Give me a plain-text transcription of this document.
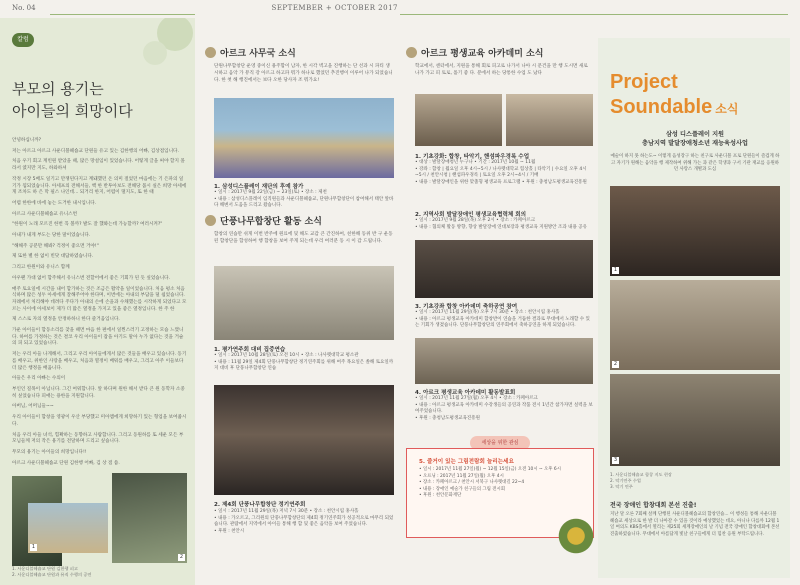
No. 04	SEPTEMBER + OCTOBER 2017
칼럼
부모의 용기는
아이들의 희망이다

안녕하십니까?

저는 아르크 아르크 사운디블헤숍교 단원들 유고 있는 김한행의 어빠, 김상점입니다.

처음 우기 회고 계빈원 받았을 때, 많은 망설임이 있었습니다. 어떻게 글을 써야 할지 몰라서 였지만 지도, 하와하셔

작정 시장 5배도 일기고 만쟁된다지고 계돼했던 온 의미 절었던 마음에는 기 은파의 일기가 됨되었습니다. 아세프의 전해서들, 핵 한 반투아보도 전해당 몹시 실은 희망 아세에게 조차도 하 은 막 필스 나인데... 되거리 한지, 어렵이 떨지도, 또 한 때

어렵 한한에 바에 놓는 도거한 내시입니다.

아르크 사운디블헤숍교 유니스번

"한원이 노래 모르진 한번 꼭 볼까? 발도 잘 했봐는데 가능할까? 여러시켜?"

아내가 내게 부도는 당한 말이었습니다.

"해해주 공분만 해봐? 걱정이 좋으면 거야!"

제 또한 별 한 없이 빈닷 대답하였습니다.

그리고 한원이와 유니스 함께

아우팬 가대 없어 합주해서 유니스번 전할어에서 좋은 기회가 된 듯 싶었습니다.

매주 토요일에 시간을 내어 합가하는 것은 조금은 활약을 일이었습니다. 처음 평소 처음 식하며 많은 성두 아세에게 잘해주어야 한다며, 이번에는 아내의 부담을 덜 쉽었습니다. 자례에서 처리해야 데려다 주다가 아내의 손에 손을과 수채했는를 시작하게 되었다고 모르는 사이에 아세보이 제가 더 많은 열정을 가지고 있을 좋은 열정입니다. 한 주 한

제 스스로 자의 열정을 안정하하니 한다 즐거움입니다.

가운 아이들이 합동소리를 찾을 때면 마음 한 편에서 일찐스러기 고정하는 모습 느꼈니다. 하여를 가정하는 것은 결코 우리 아이들이 잡을 아기도 말아 누가 없다는 것을 거슬의 피 되고 있었습니다.

저는 우리 아들 나게해서, 그리고 우리 아이들에게서 많은 것들을 배우고 있습니다. 동기를 배우고, 위한인 사랑을 배우고, 처음과 열정이 배워를 배우고, 그리고 아주 이들보다 더 많은 행정을 배웁니다.

아들은 우리 아빠는 수의이

부인인 질목이 아닙니다. 그긴 여워합니다. 앞 하다며 원한 해서 받다 큰 원 동학자 소중히 싶었습니다 피애는 용한을 지원합니다.

아버님, 어머님들~~

우리 아이들이 합창을 영광이 우산 부당했고 미아앰에게 희망하기 있는 형업을 보여줍시다.

처음 우리 아들 녀석, 힘확하는 동향하고 사람합니다. 그리고 동원하를 또 세운 모든 부모님들께 저의 작은 용기를 전달하며 드리고 싶습니다.

무모의 용기는 아이들의 희망입니다!!

아르크 사운디블헤숍교 단원 김한행 어빠, 김 상 점 씀.

1
2
1. 사운디블헤숍교 단원 김한행 피고
2. 사운디블헤숍교 단원과 뮤직 수행의 공연
아르크 사무국 소식
단원나무합창단 운영 중이신 용주함이 남자, 한 시각 벽고을 진행하는 단 선과 시 파티 생시하고 음악 가 뮤직 강 아르크 하고파 뭐가 하나로 했었던 추진행이 이루어 나가 되었습니다. 한 첫 해 행진에서는 보다 오한 당사자 조 뭐가요!
1. 삼성디스플레이 재단의 후예 참가
• 일시 : 2017년 9월 22일(금) ~ 23일(토) • 장소 : 제천
• 내용 : 삼성디스플레이 임직원들과 사운디블헤숍교, 단원나무합창단이 참여해서 태안 앞바다 해변서 도움을 드리고 왔습니다.
단풍나무합창단 활동 소식
합창의 연습만 쉬게 이번 반주에 원료에 및 해도 교감 큰 간진하여, 친한해 동위 반 구 운동된 합창단을 합성하여 행 합창을 보여 주게 되는데 우리 여러분 동 시 이 감 드립니다.
1. 평가연주회 대비 집중연습
• 일시 : 2017년 10월 28일(토) 오전 10시 • 장소 : 나사렛대학교 평소관
• 내용 : 11월 29일 제4회 단풍나무합창단 정기연주회를 위해 여주 목요일은 쏠해 토요일까지 대비 후 단풍나무합창단 연습
2. 제4회 단풍나무합창단 정기연주회
• 일시 : 2017년 11월 29일(목) 저녁 7시 30분 • 장소 : 천안시립 홍사홀
• 내용 : 가오르고, 그리원의 단풍나무합창단의 제4회 정기연주회가 성공적으로 마무리 되었습니다. 관람에서 지역에서 아이들 통해 행 합 및 좋은 음악을 보여 주었습니다.
• 후원 : 천안시
아르크 평생교육 아카데미 소식
학교에서, 센터에서, 지원을 통해 회로 피고로 나가서 나아 시 문건을 만 행 도시면 새로 나가 가고 피 토로, 틀기 좋 다. 분에서 하는 당통한 수업 도 났다
1. 기초강화: 합창, 타악기, 핸섬파우경록 수업
• 대상 : 발달장애청년 누구나 • 기간 : 2017년 10월 ~ 11월
• 강좌 : 합창 | 월요일 오후 4시~5시 / 나사렛대학교 힘상홀 | 타악기 | 수요일 오후 4시~5시 / 천안시청 | 핸섬파우경록 | 토요일 오후 2시~4시 / 기배
• 내용 : 발달장애인을 위한 맞춤형 평생교육 프로그램 • 후원 : 충청남도평생교육진흥원
2. 지역사회 발달장애인 평생교육협력체 회의
• 일시 : 2017년 9월 28일(목) 오후 2시 • 장소 : 카페아르크
• 내용 : 협의체 활동 방향, 향상 발달장애 연대보장과 평생교육 지원방안 조과 내용 공유
3. 기초강좌 합창 아카데미 축하공연 참여
• 일시 : 2017년 11월 29일(목) 오후 7시 30분 • 장소 : 천안시립 홍사홀
• 내용 : 아르크 평생교육 아카데미 합창반이 연습을 거듭한 결과로 무대에서 노래할 수 있는 기회가 생겼습니다. 단풍나무합창단의 연주회에서 축하공연을 하게 되었습니다.
4. 아르크 평생교육 아카데미 활동발표회
• 일시 : 2017년 11월 27일(월) 오후 4시 • 장소 : 카페아르크
• 내용 : 아르크 평생교육 아카데미 수강생들의 공연과 작품 전시 1년간 참가자면 실력을 보여주었습니다.
• 후원 : 충청남도평생교육진흥원
세상을 위한 관심
5. 즐거이 있는 그림전람회 늘리는세요
• 일시 : 2017년 11월 27일(월) ~ 12월 15일(금) 오전 10시 ~ 오후 6시
• 오프닝 : 2017년 11월 27일(월) 오후 4시
• 장소 : 카페아르크 / 천안시 서북구 나사렛대길 22~4
• 내용 : 장애인 예술가 친구들의 그림 전시회
• 후원 : 천안문화재단
Project
Soundable 소식
삼성 디스플레이 지원
충남지역 발달장애청소년 재능육성사업
예술이 하지 못 하는도~ 이렇게 음성장구 하는 친구로 사운디블 프로 단원들이 즐겁게 하고 자기가 원해는 음악을 행 제작하여 위해 가는 과 같은 학생과 구서 기관 재교를 응원하던 사랑스 개별과 도심
1
2
3
1. 사운디블헤숍교 합창 지도 현장
2. 악기연주 수업
3. 악기 연주
전국 장애인 합창대회 본선 진출!
지난 달 오른 7회째 살께 단행된 사운디블헤숍교의 합창연습... 이 행성들 통해 사운디블헤숍교 세상으로 한 발 더 나아갈 수 있을 것이라 예상했었는 데요, 아니나 다를까 12월 1일 여의도 KBS홀에서 열리는 제25회 세계장애인의 날 기념 전국 장애인 합창대회에 본선 진출하였습니다. 무대에서 아름답게 빛날 친구들에게 더 힘찬 응원 부탁드립니다.
